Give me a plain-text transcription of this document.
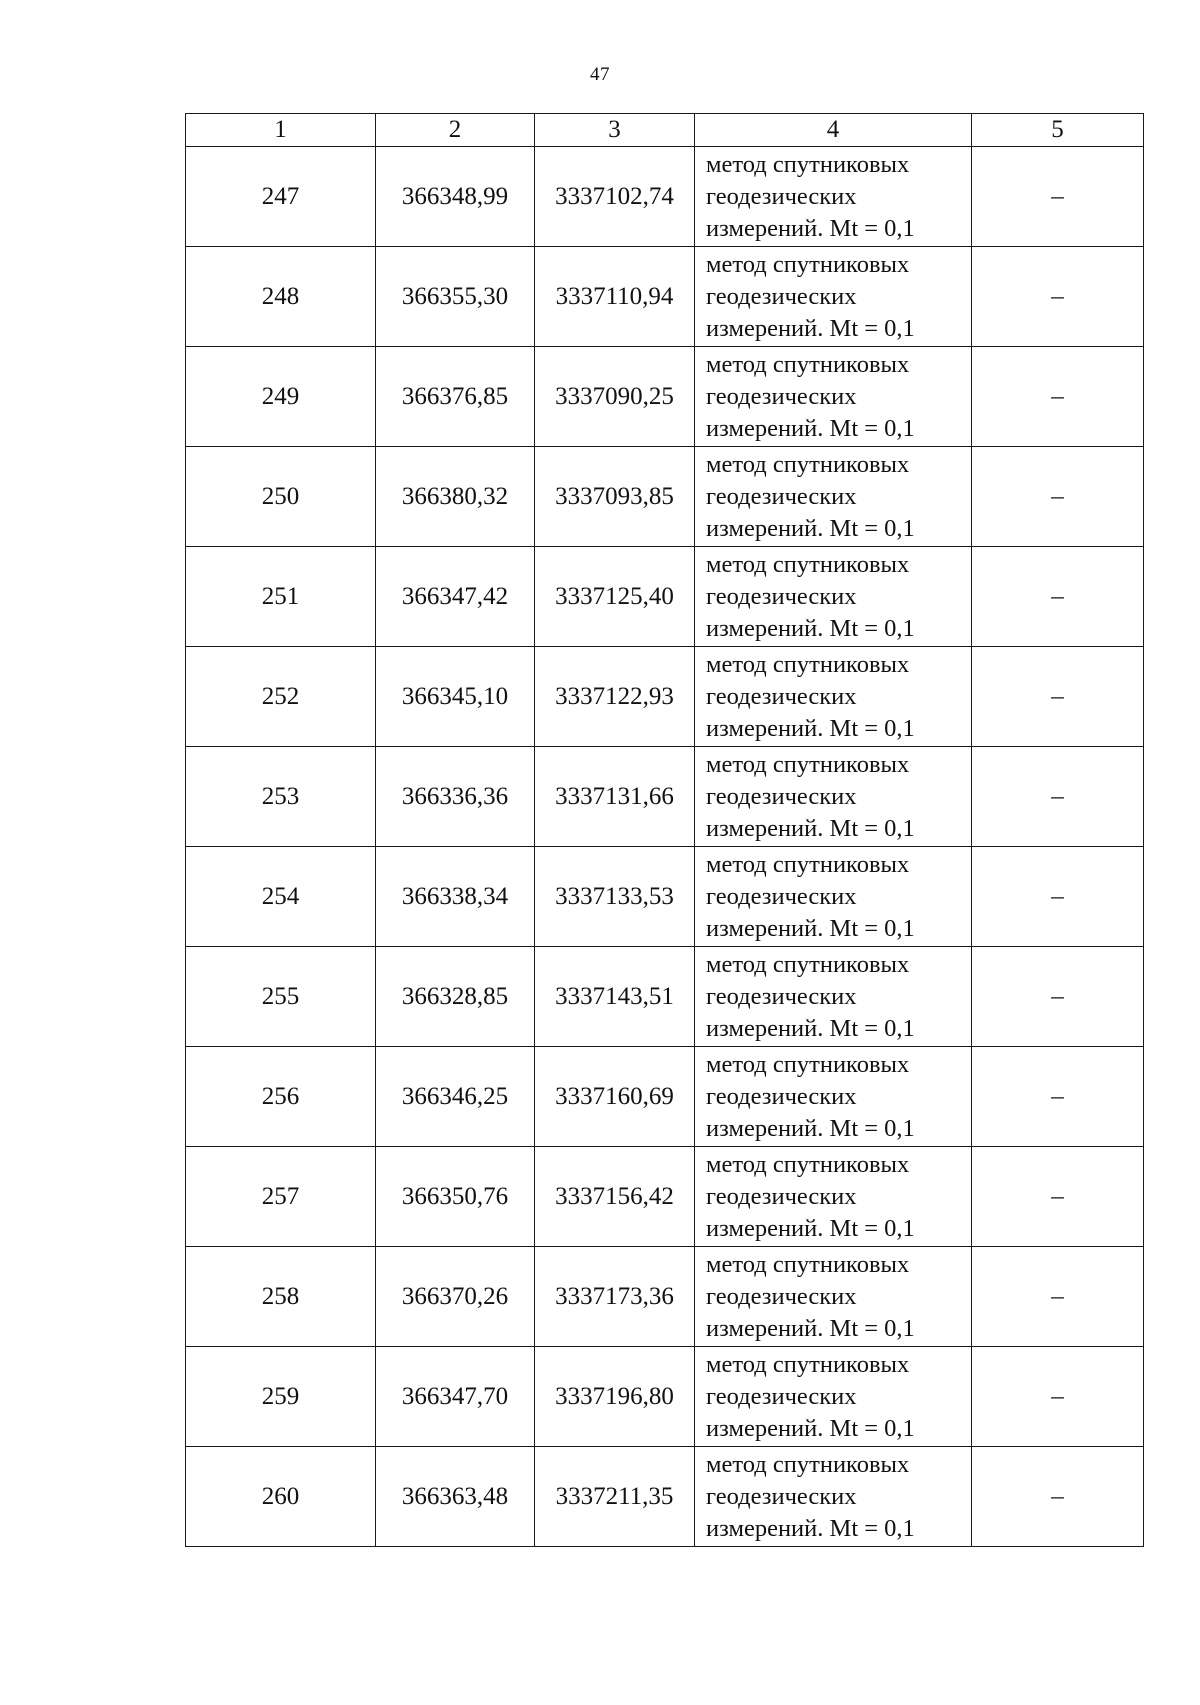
47
1	2	3	4	5
247	366348,99	3337102,74	метод спутниковых
геодезических
измерений. Mt = 0,1	–
248	366355,30	3337110,94	метод спутниковых
геодезических
измерений. Mt = 0,1	–
249	366376,85	3337090,25	метод спутниковых
геодезических
измерений. Mt = 0,1	–
250	366380,32	3337093,85	метод спутниковых
геодезических
измерений. Mt = 0,1	–
251	366347,42	3337125,40	метод спутниковых
геодезических
измерений. Mt = 0,1	–
252	366345,10	3337122,93	метод спутниковых
геодезических
измерений. Mt = 0,1	–
253	366336,36	3337131,66	метод спутниковых
геодезических
измерений. Mt = 0,1	–
254	366338,34	3337133,53	метод спутниковых
геодезических
измерений. Mt = 0,1	–
255	366328,85	3337143,51	метод спутниковых
геодезических
измерений. Mt = 0,1	–
256	366346,25	3337160,69	метод спутниковых
геодезических
измерений. Mt = 0,1	–
257	366350,76	3337156,42	метод спутниковых
геодезических
измерений. Mt = 0,1	–
258	366370,26	3337173,36	метод спутниковых
геодезических
измерений. Mt = 0,1	–
259	366347,70	3337196,80	метод спутниковых
геодезических
измерений. Mt = 0,1	–
260	366363,48	3337211,35	метод спутниковых
геодезических
измерений. Mt = 0,1	–
